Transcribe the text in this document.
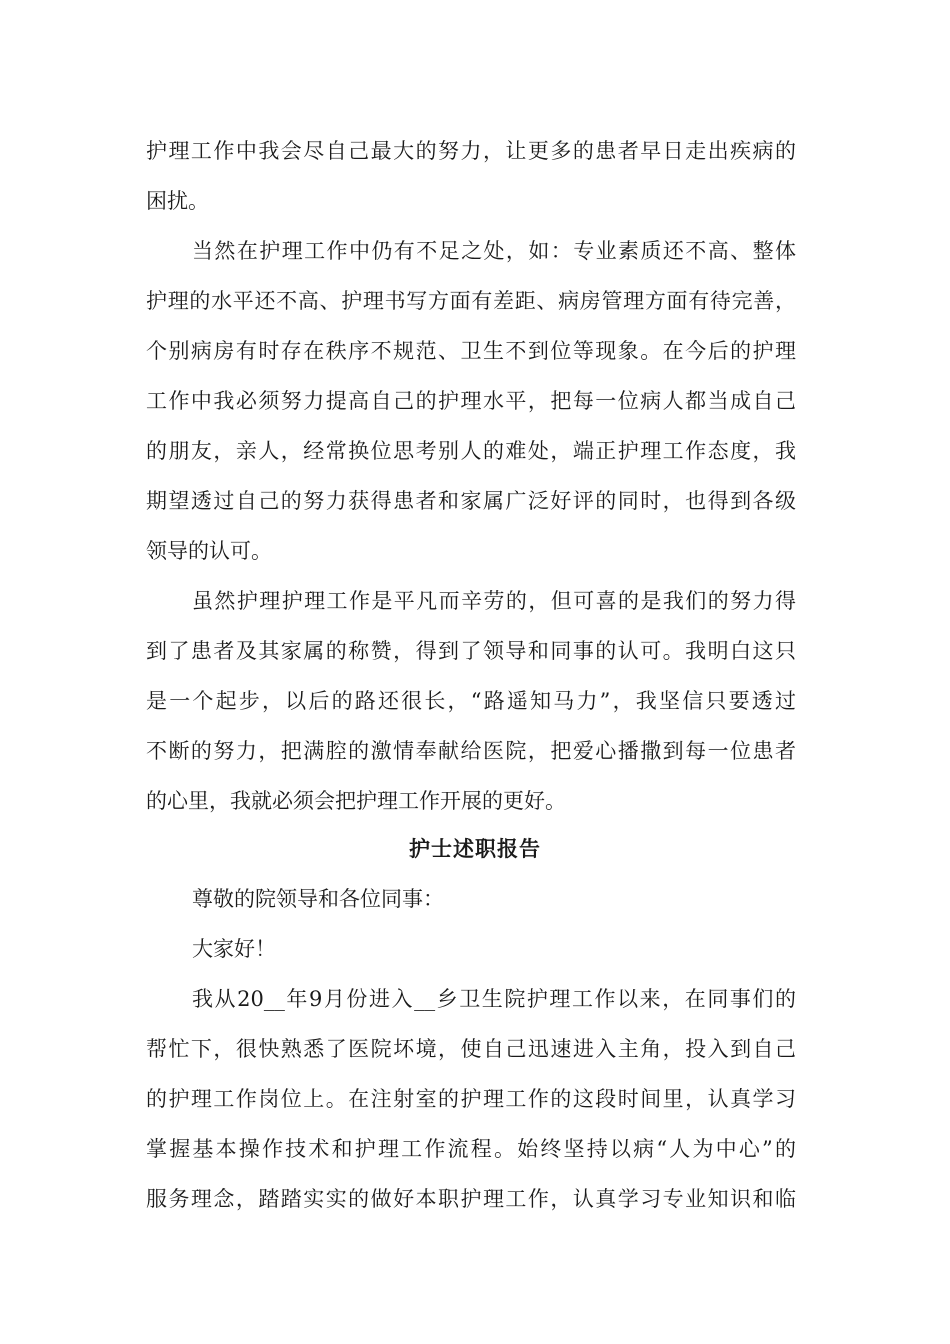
护理工作中我会尽自己最大的努力，让更多的患者早日走出疾病的
困扰。
当然在护理工作中仍有不足之处，如：专业素质还不高、整体
护理的水平还不高、护理书写方面有差距、病房管理方面有待完善，
个别病房有时存在秩序不规范、卫生不到位等现象。在今后的护理
工作中我必须努力提高自己的护理水平，把每一位病人都当成自己
的朋友，亲人，经常换位思考别人的难处，端正护理工作态度，我
期望透过自己的努力获得患者和家属广泛好评的同时，也得到各级
领导的认可。
虽然护理护理工作是平凡而辛劳的，但可喜的是我们的努力得
到了患者及其家属的称赞，得到了领导和同事的认可。我明白这只
是一个起步，以后的路还很长，“路遥知马力”，我坚信只要透过
不断的努力，把满腔的激情奉献给医院，把爱心播撒到每一位患者
的心里，我就必须会把护理工作开展的更好。
护士述职报告
尊敬的院领导和各位同事：
大家好！
我从20__年9月份进入__乡卫生院护理工作以来，在同事们的
帮忙下，很快熟悉了医院坏境，使自己迅速进入主角，投入到自己
的护理工作岗位上。在注射室的护理工作的这段时间里，认真学习
掌握基本操作技术和护理工作流程。始终坚持以病“人为中心”的
服务理念，踏踏实实的做好本职护理工作，认真学习专业知识和临
